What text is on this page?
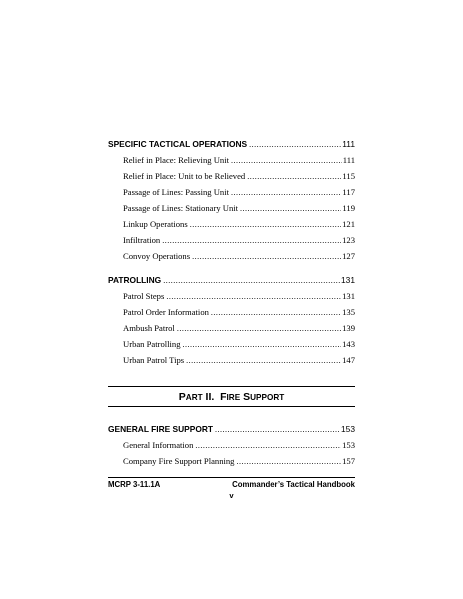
SPECIFIC TACTICAL OPERATIONS .....	111
Relief in Place: Relieving Unit .....	111
Relief in Place: Unit to be Relieved .....	115
Passage of Lines: Passing Unit .....	117
Passage of Lines: Stationary Unit .....	119
Linkup Operations .....	121
Infiltration .....	123
Convoy Operations .....	127
PATROLLING .....	131
Patrol Steps .....	131
Patrol Order Information .....	135
Ambush Patrol .....	139
Urban Patrolling .....	143
Urban Patrol Tips .....	147
GENERAL FIRE SUPPORT .....	153
General Information .....	153
Company Fire Support Planning .....	157
PART II.  FIRE SUPPORT
MCRP 3-11.1A	Commander’s Tactical Handbook
v
